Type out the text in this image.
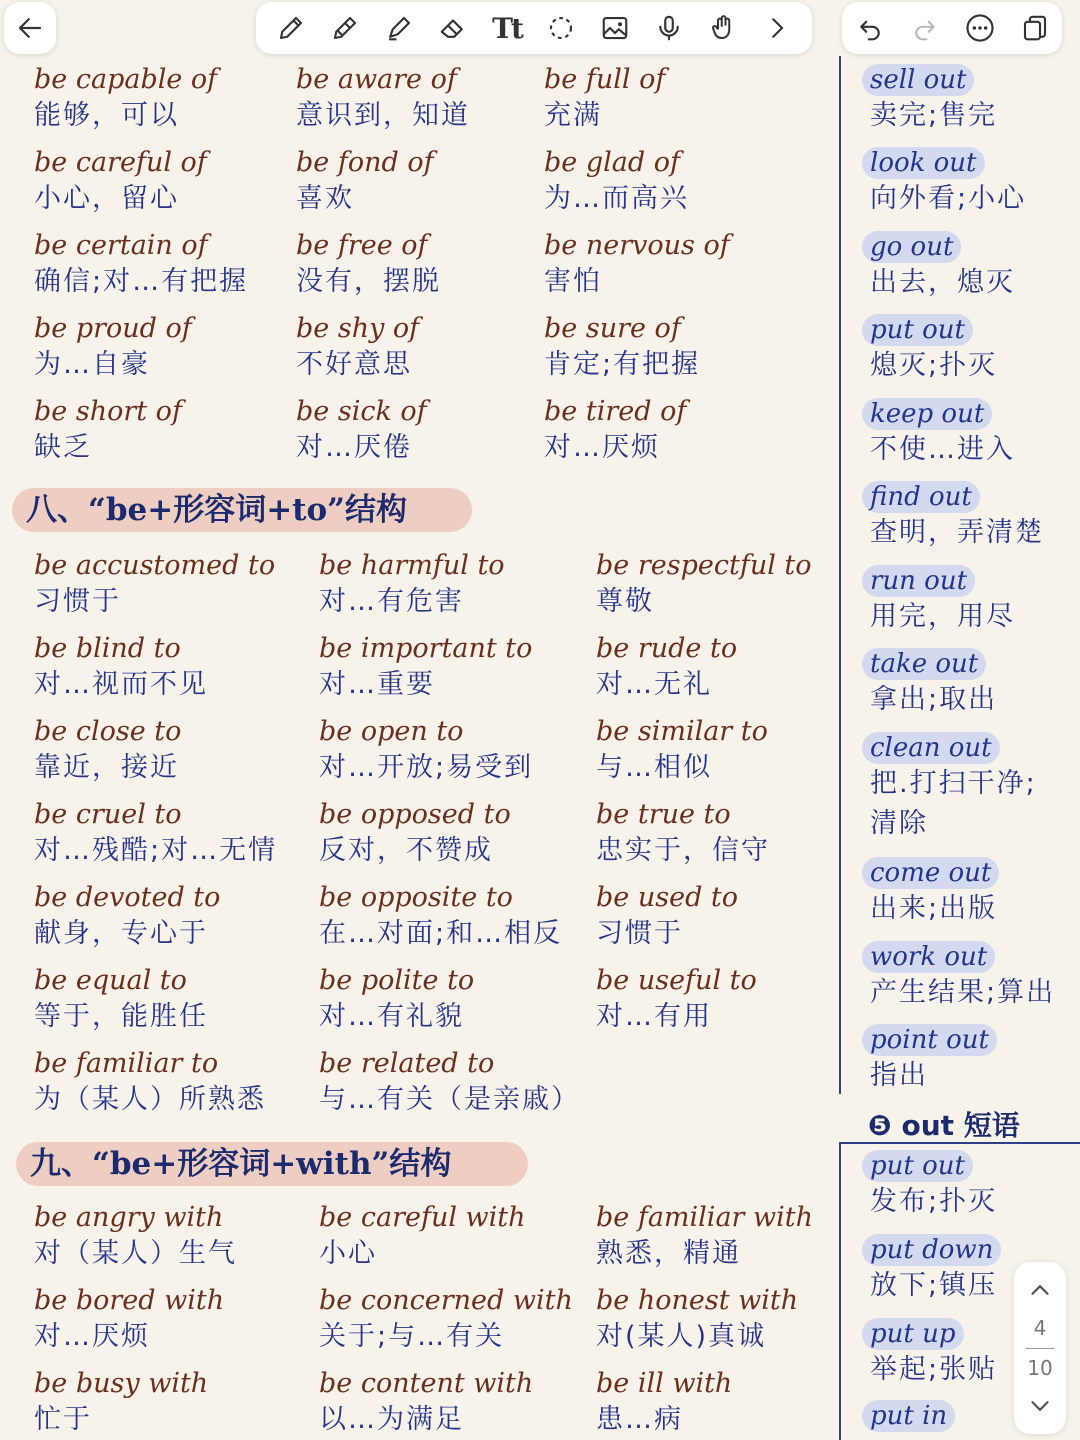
Tt
be capable of
能够，可以
be aware of
意识到，知道
be full of
充满
be careful of
小心，留心
be fond of
喜欢
be glad of
为…而高兴
be certain of
确信;对…有把握
be free of
没有，摆脱
be nervous of
害怕
be proud of
为…自豪
be shy of
不好意思
be sure of
肯定;有把握
be short of
缺乏
be sick of
对…厌倦
be tired of
对…厌烦
八、“be+形容词+to”结构
be accustomed to
习惯于
be harmful to
对…有危害
be respectful to
尊敬
be blind to
对…视而不见
be important to
对…重要
be rude to
对…无礼
be close to
靠近，接近
be open to
对…开放;易受到
be similar to
与…相似
be cruel to
对…残酷;对…无情
be opposed to
反对，不赞成
be true to
忠实于，信守
be devoted to
献身，专心于
be opposite to
在…对面;和…相反
be used to
习惯于
be equal to
等于，能胜任
be polite to
对…有礼貌
be useful to
对…有用
be familiar to
为（某人）所熟悉
be related to
与…有关（是亲戚）
九、“be+形容词+with”结构
be angry with
对（某人）生气
be careful with
小心
be familiar with
熟悉，精通
be bored with
对…厌烦
be concerned with
关于;与…有关
be honest with
对(某人)真诚
be busy with
忙于
be content with
以…为满足
be ill with
患…病
sell out
卖完;售完
look out
向外看;小心
go out
出去，熄灭
put out
熄灭;扑灭
keep out
不使…进入
find out
查明，弄清楚
run out
用完，用尽
take out
拿出;取出
clean out
把.打扫干净;
清除
come out
出来;出版
work out
产生结果;算出
point out
指出
❺ out 短语
put out
发布;扑灭
put down
放下;镇压
put up
举起;张贴
put in
4
10
